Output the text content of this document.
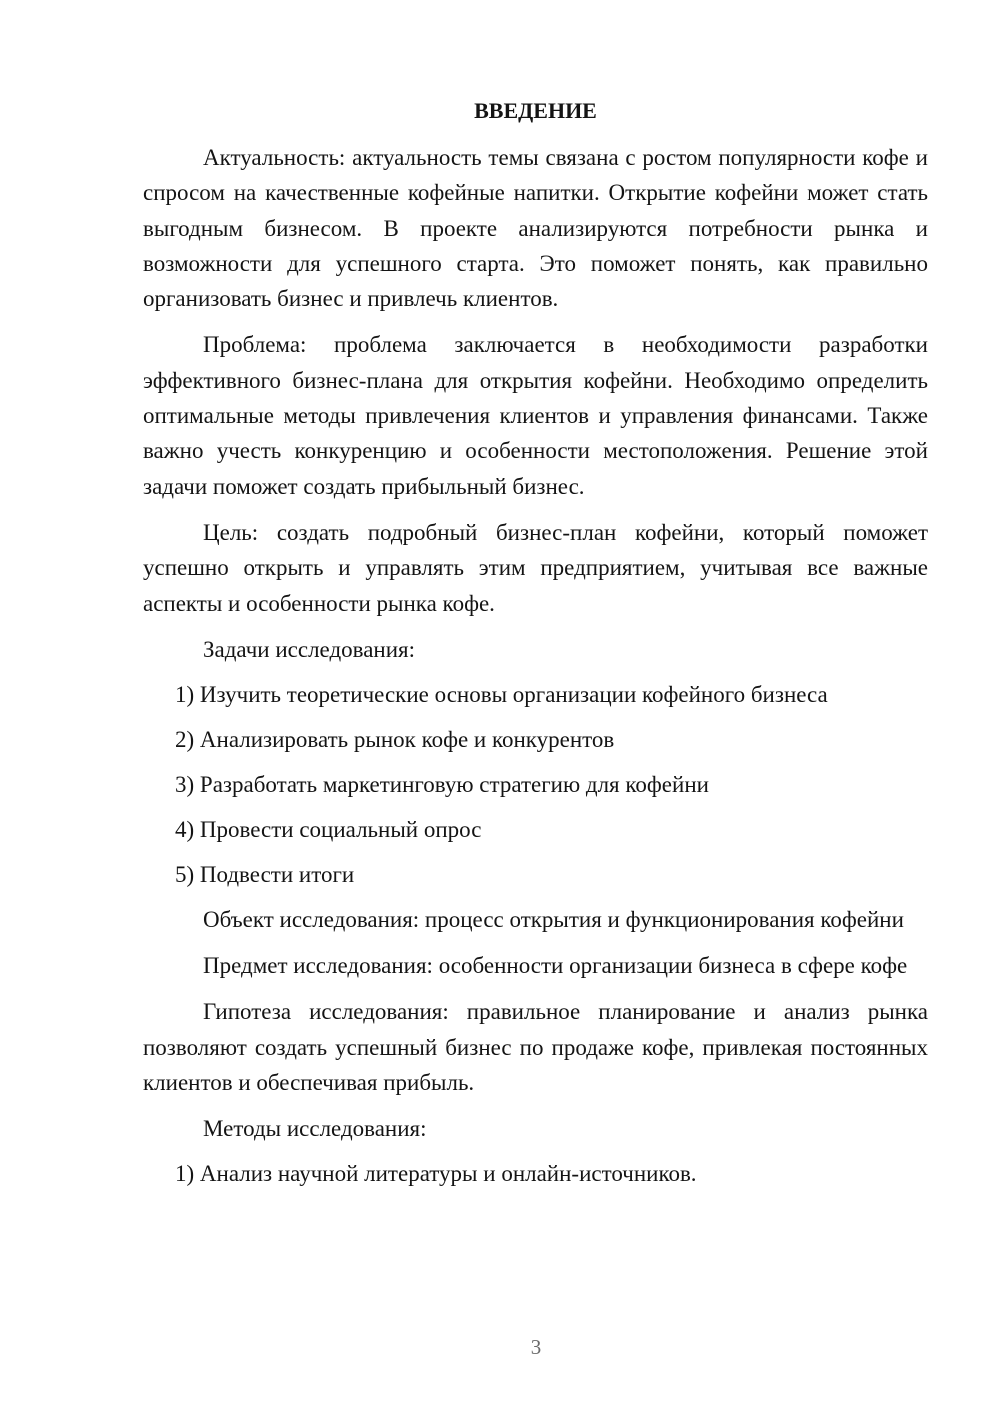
ВВЕДЕНИЕ

Актуальность: актуальность темы связана с ростом популярности кофе и спросом на качественные кофейные напитки. Открытие кофейни может стать выгодным бизнесом. В проекте анализируются потребности рынка и возможности для успешного старта. Это поможет понять, как правильно организовать бизнес и привлечь клиентов.

Проблема: проблема заключается в необходимости разработки эффективного бизнес-плана для открытия кофейни. Необходимо определить оптимальные методы привлечения клиентов и управления финансами. Также важно учесть конкуренцию и особенности местоположения. Решение этой задачи поможет создать прибыльный бизнес.

Цель: создать подробный бизнес-план кофейни, который поможет успешно открыть и управлять этим предприятием, учитывая все важные аспекты и особенности рынка кофе.

Задачи исследования:

1) Изучить теоретические основы организации кофейного бизнеса
2) Анализировать рынок кофе и конкурентов
3) Разработать маркетинговую стратегию для кофейни
4) Провести социальный опрос
5) Подвести итоги

Объект исследования: процесс открытия и функционирования кофейни

Предмет исследования: особенности организации бизнеса в сфере кофе

Гипотеза исследования: правильное планирование и анализ рынка позволяют создать успешный бизнес по продаже кофе, привлекая постоянных клиентов и обеспечивая прибыль.

Методы исследования:

1) Анализ научной литературы и онлайн-источников.
3
